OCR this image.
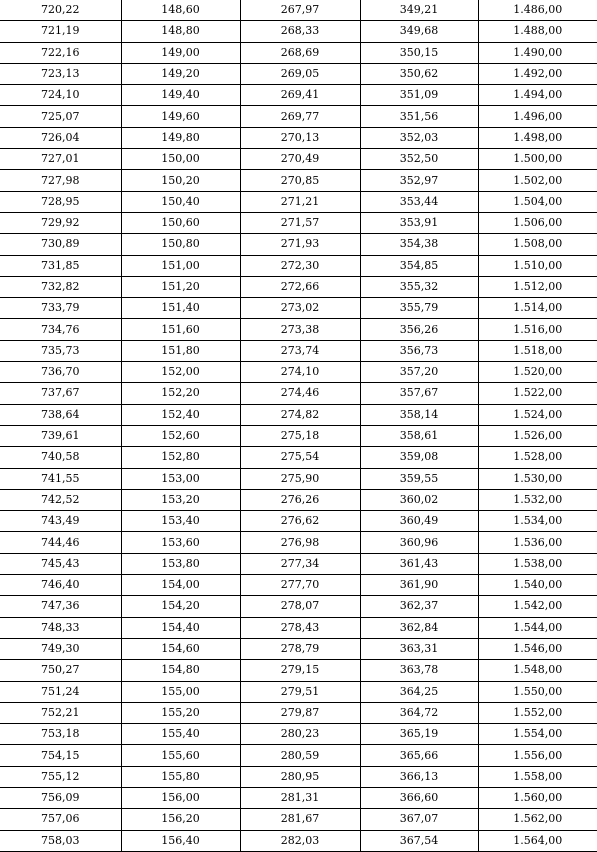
720,22	148,60	267,97	349,21	1.486,00
721,19	148,80	268,33	349,68	1.488,00
722,16	149,00	268,69	350,15	1.490,00
723,13	149,20	269,05	350,62	1.492,00
724,10	149,40	269,41	351,09	1.494,00
725,07	149,60	269,77	351,56	1.496,00
726,04	149,80	270,13	352,03	1.498,00
727,01	150,00	270,49	352,50	1.500,00
727,98	150,20	270,85	352,97	1.502,00
728,95	150,40	271,21	353,44	1.504,00
729,92	150,60	271,57	353,91	1.506,00
730,89	150,80	271,93	354,38	1.508,00
731,85	151,00	272,30	354,85	1.510,00
732,82	151,20	272,66	355,32	1.512,00
733,79	151,40	273,02	355,79	1.514,00
734,76	151,60	273,38	356,26	1.516,00
735,73	151,80	273,74	356,73	1.518,00
736,70	152,00	274,10	357,20	1.520,00
737,67	152,20	274,46	357,67	1.522,00
738,64	152,40	274,82	358,14	1.524,00
739,61	152,60	275,18	358,61	1.526,00
740,58	152,80	275,54	359,08	1.528,00
741,55	153,00	275,90	359,55	1.530,00
742,52	153,20	276,26	360,02	1.532,00
743,49	153,40	276,62	360,49	1.534,00
744,46	153,60	276,98	360,96	1.536,00
745,43	153,80	277,34	361,43	1.538,00
746,40	154,00	277,70	361,90	1.540,00
747,36	154,20	278,07	362,37	1.542,00
748,33	154,40	278,43	362,84	1.544,00
749,30	154,60	278,79	363,31	1.546,00
750,27	154,80	279,15	363,78	1.548,00
751,24	155,00	279,51	364,25	1.550,00
752,21	155,20	279,87	364,72	1.552,00
753,18	155,40	280,23	365,19	1.554,00
754,15	155,60	280,59	365,66	1.556,00
755,12	155,80	280,95	366,13	1.558,00
756,09	156,00	281,31	366,60	1.560,00
757,06	156,20	281,67	367,07	1.562,00
758,03	156,40	282,03	367,54	1.564,00
